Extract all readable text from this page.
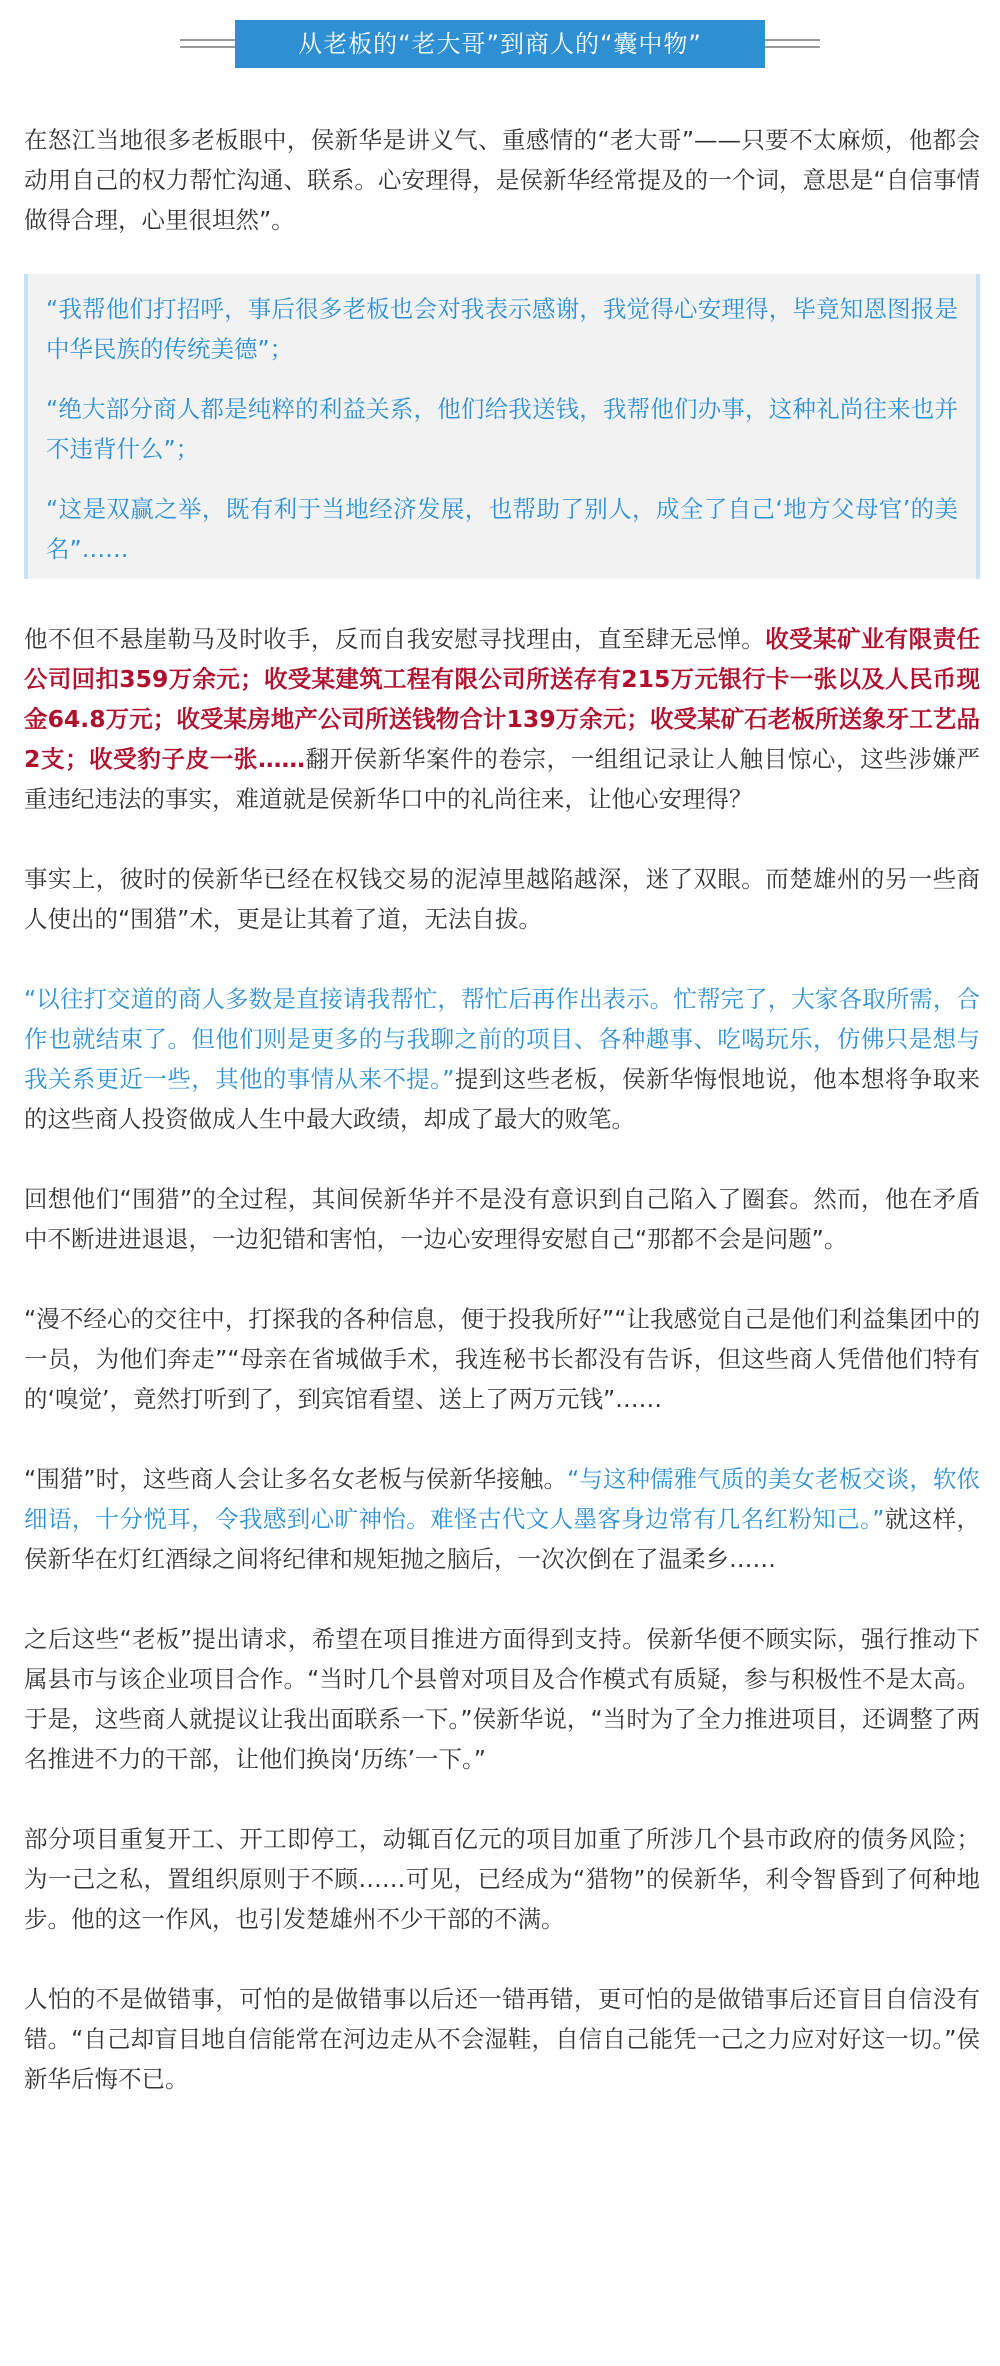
从老板的“老大哥”到商人的“囊中物”

在怒江当地很多老板眼中，侯新华是讲义气、重感情的“老大哥”——只要不太麻烦，他都会动用自己的权力帮忙沟通、联系。心安理得，是侯新华经常提及的一个词，意思是“自信事情做得合理，心里很坦然”。

“我帮他们打招呼，事后很多老板也会对我表示感谢，我觉得心安理得，毕竟知恩图报是中华民族的传统美德”；

“绝大部分商人都是纯粹的利益关系，他们给我送钱，我帮他们办事，这种礼尚往来也并不违背什么”；

“这是双赢之举，既有利于当地经济发展，也帮助了别人，成全了自己‘地方父母官’的美名”……

他不但不悬崖勒马及时收手，反而自我安慰寻找理由，直至肆无忌惮。收受某矿业有限责任公司回扣359万余元；收受某建筑工程有限公司所送存有215万元银行卡一张以及人民币现金64.8万元；收受某房地产公司所送钱物合计139万余元；收受某矿石老板所送象牙工艺品2支；收受豹子皮一张……翻开侯新华案件的卷宗，一组组记录让人触目惊心，这些涉嫌严重违纪违法的事实，难道就是侯新华口中的礼尚往来，让他心安理得？

事实上，彼时的侯新华已经在权钱交易的泥淖里越陷越深，迷了双眼。而楚雄州的另一些商人使出的“围猎”术，更是让其着了道，无法自拔。

“以往打交道的商人多数是直接请我帮忙，帮忙后再作出表示。忙帮完了，大家各取所需，合作也就结束了。但他们则是更多的与我聊之前的项目、各种趣事、吃喝玩乐，仿佛只是想与我关系更近一些，其他的事情从来不提。”提到这些老板，侯新华悔恨地说，他本想将争取来的这些商人投资做成人生中最大政绩，却成了最大的败笔。

回想他们“围猎”的全过程，其间侯新华并不是没有意识到自己陷入了圈套。然而，他在矛盾中不断进进退退，一边犯错和害怕，一边心安理得安慰自己“那都不会是问题”。

“漫不经心的交往中，打探我的各种信息，便于投我所好”“让我感觉自己是他们利益集团中的一员，为他们奔走”“母亲在省城做手术，我连秘书长都没有告诉，但这些商人凭借他们特有的‘嗅觉’，竟然打听到了，到宾馆看望、送上了两万元钱”……

“围猎”时，这些商人会让多名女老板与侯新华接触。“与这种儒雅气质的美女老板交谈，软侬细语，十分悦耳，令我感到心旷神怡。难怪古代文人墨客身边常有几名红粉知己。”就这样，侯新华在灯红酒绿之间将纪律和规矩抛之脑后，一次次倒在了温柔乡……

之后这些“老板”提出请求，希望在项目推进方面得到支持。侯新华便不顾实际，强行推动下属县市与该企业项目合作。“当时几个县曾对项目及合作模式有质疑，参与积极性不是太高。于是，这些商人就提议让我出面联系一下。”侯新华说，“当时为了全力推进项目，还调整了两名推进不力的干部，让他们换岗‘历练’一下。”

部分项目重复开工、开工即停工，动辄百亿元的项目加重了所涉几个县市政府的债务风险；为一己之私，置组织原则于不顾……可见，已经成为“猎物”的侯新华，利令智昏到了何种地步。他的这一作风，也引发楚雄州不少干部的不满。

人怕的不是做错事，可怕的是做错事以后还一错再错，更可怕的是做错事后还盲目自信没有错。“自己却盲目地自信能常在河边走从不会湿鞋，自信自己能凭一己之力应对好这一切。”侯新华后悔不已。
